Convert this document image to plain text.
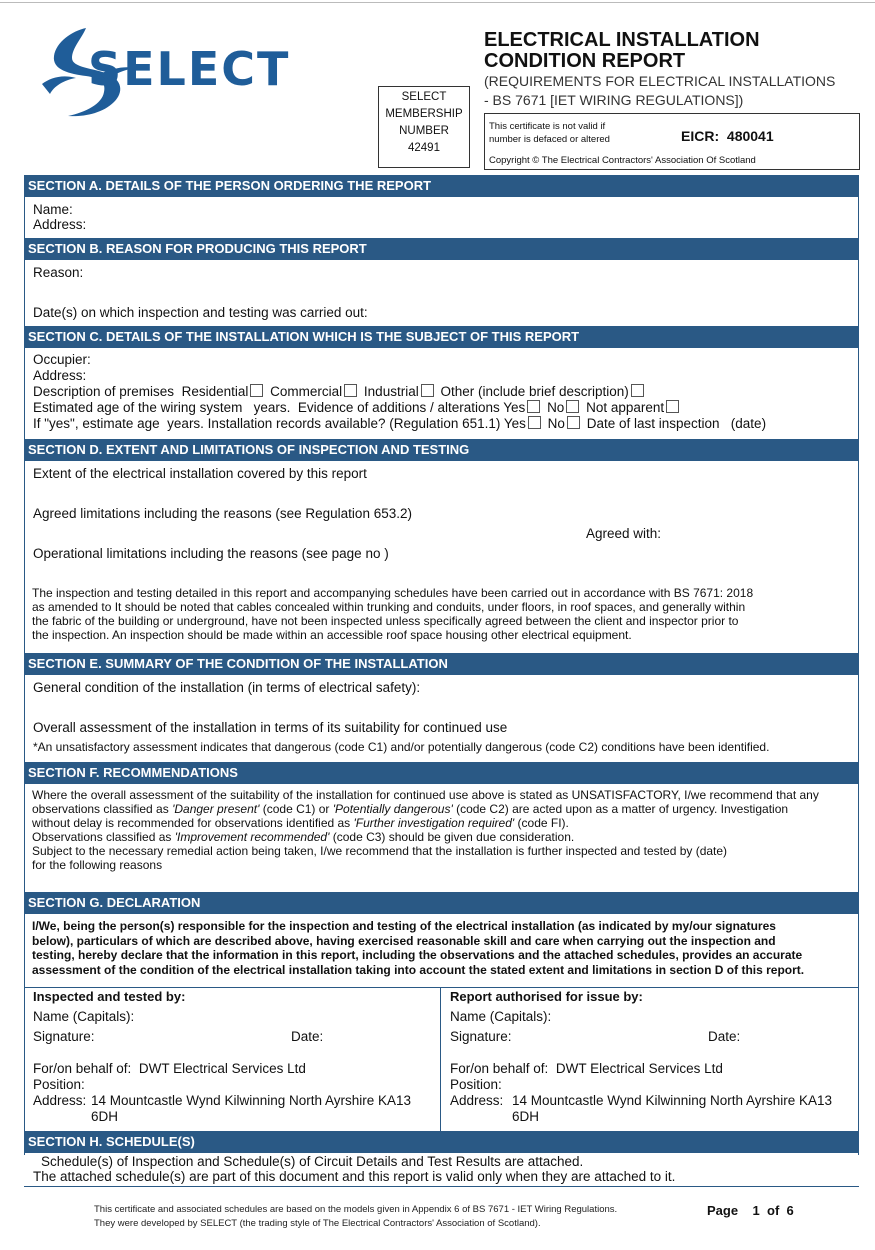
SELECT
SELECT
MEMBERSHIP
NUMBER
42491
ELECTRICAL INSTALLATION
CONDITION REPORT
(REQUIREMENTS FOR ELECTRICAL INSTALLATIONS
- BS 7671 [IET WIRING REGULATIONS])
This certificate is not valid if
number is defaced or altered	EICR: 480041
Copyright © The Electrical Contractors' Association Of Scotland
SECTION A. DETAILS OF THE PERSON ORDERING THE REPORT
Name:
Address:
SECTION B. REASON FOR PRODUCING THIS REPORT
Reason:
Date(s) on which inspection and testing was carried out:
SECTION C. DETAILS OF THE INSTALLATION WHICH IS THE SUBJECT OF THIS REPORT
Occupier:
Address:
Description of premises Residential Commercial Industrial Other (include brief description)
Estimated age of the wiring system years. Evidence of additions / alterations Yes No Not apparent
If "yes", estimate age years. Installation records available? (Regulation 651.1) Yes No Date of last inspection (date)
SECTION D. EXTENT AND LIMITATIONS OF INSPECTION AND TESTING
Extent of the electrical installation covered by this report
Agreed limitations including the reasons (see Regulation 653.2)
Agreed with:
Operational limitations including the reasons (see page no )
The inspection and testing detailed in this report and accompanying schedules have been carried out in accordance with BS 7671: 2018
as amended to It should be noted that cables concealed within trunking and conduits, under floors, in roof spaces, and generally within
the fabric of the building or underground, have not been inspected unless specifically agreed between the client and inspector prior to
the inspection. An inspection should be made within an accessible roof space housing other electrical equipment.
SECTION E. SUMMARY OF THE CONDITION OF THE INSTALLATION
General condition of the installation (in terms of electrical safety):
Overall assessment of the installation in terms of its suitability for continued use
*An unsatisfactory assessment indicates that dangerous (code C1) and/or potentially dangerous (code C2) conditions have been identified.
SECTION F. RECOMMENDATIONS
Where the overall assessment of the suitability of the installation for continued use above is stated as UNSATISFACTORY, I/we recommend that any
observations classified as 'Danger present' (code C1) or 'Potentially dangerous' (code C2) are acted upon as a matter of urgency. Investigation
without delay is recommended for observations identified as 'Further investigation required' (code FI).
Observations classified as 'Improvement recommended' (code C3) should be given due consideration.
Subject to the necessary remedial action being taken, I/we recommend that the installation is further inspected and tested by (date)
for the following reasons
SECTION G. DECLARATION
I/We, being the person(s) responsible for the inspection and testing of the electrical installation (as indicated by my/our signatures
below), particulars of which are described above, having exercised reasonable skill and care when carrying out the inspection and
testing, hereby declare that the information in this report, including the observations and the attached schedules, provides an accurate
assessment of the condition of the electrical installation taking into account the stated extent and limitations in section D of this report.
Inspected and tested by:
Name (Capitals):
Signature:	Date:
For/on behalf of: DWT Electrical Services Ltd
Position:
Address: 14 Mountcastle Wynd Kilwinning North Ayrshire KA13
6DH
Report authorised for issue by:
Name (Capitals):
Signature:	Date:
For/on behalf of: DWT Electrical Services Ltd
Position:
Address: 14 Mountcastle Wynd Kilwinning North Ayrshire KA13
6DH
SECTION H. SCHEDULE(S)
Schedule(s) of Inspection and Schedule(s) of Circuit Details and Test Results are attached.
The attached schedule(s) are part of this document and this report is valid only when they are attached to it.
This certificate and associated schedules are based on the models given in Appendix 6 of BS 7671 - IET Wiring Regulations.
They were developed by SELECT (the trading style of The Electrical Contractors' Association of Scotland).
Page 1 of 6
